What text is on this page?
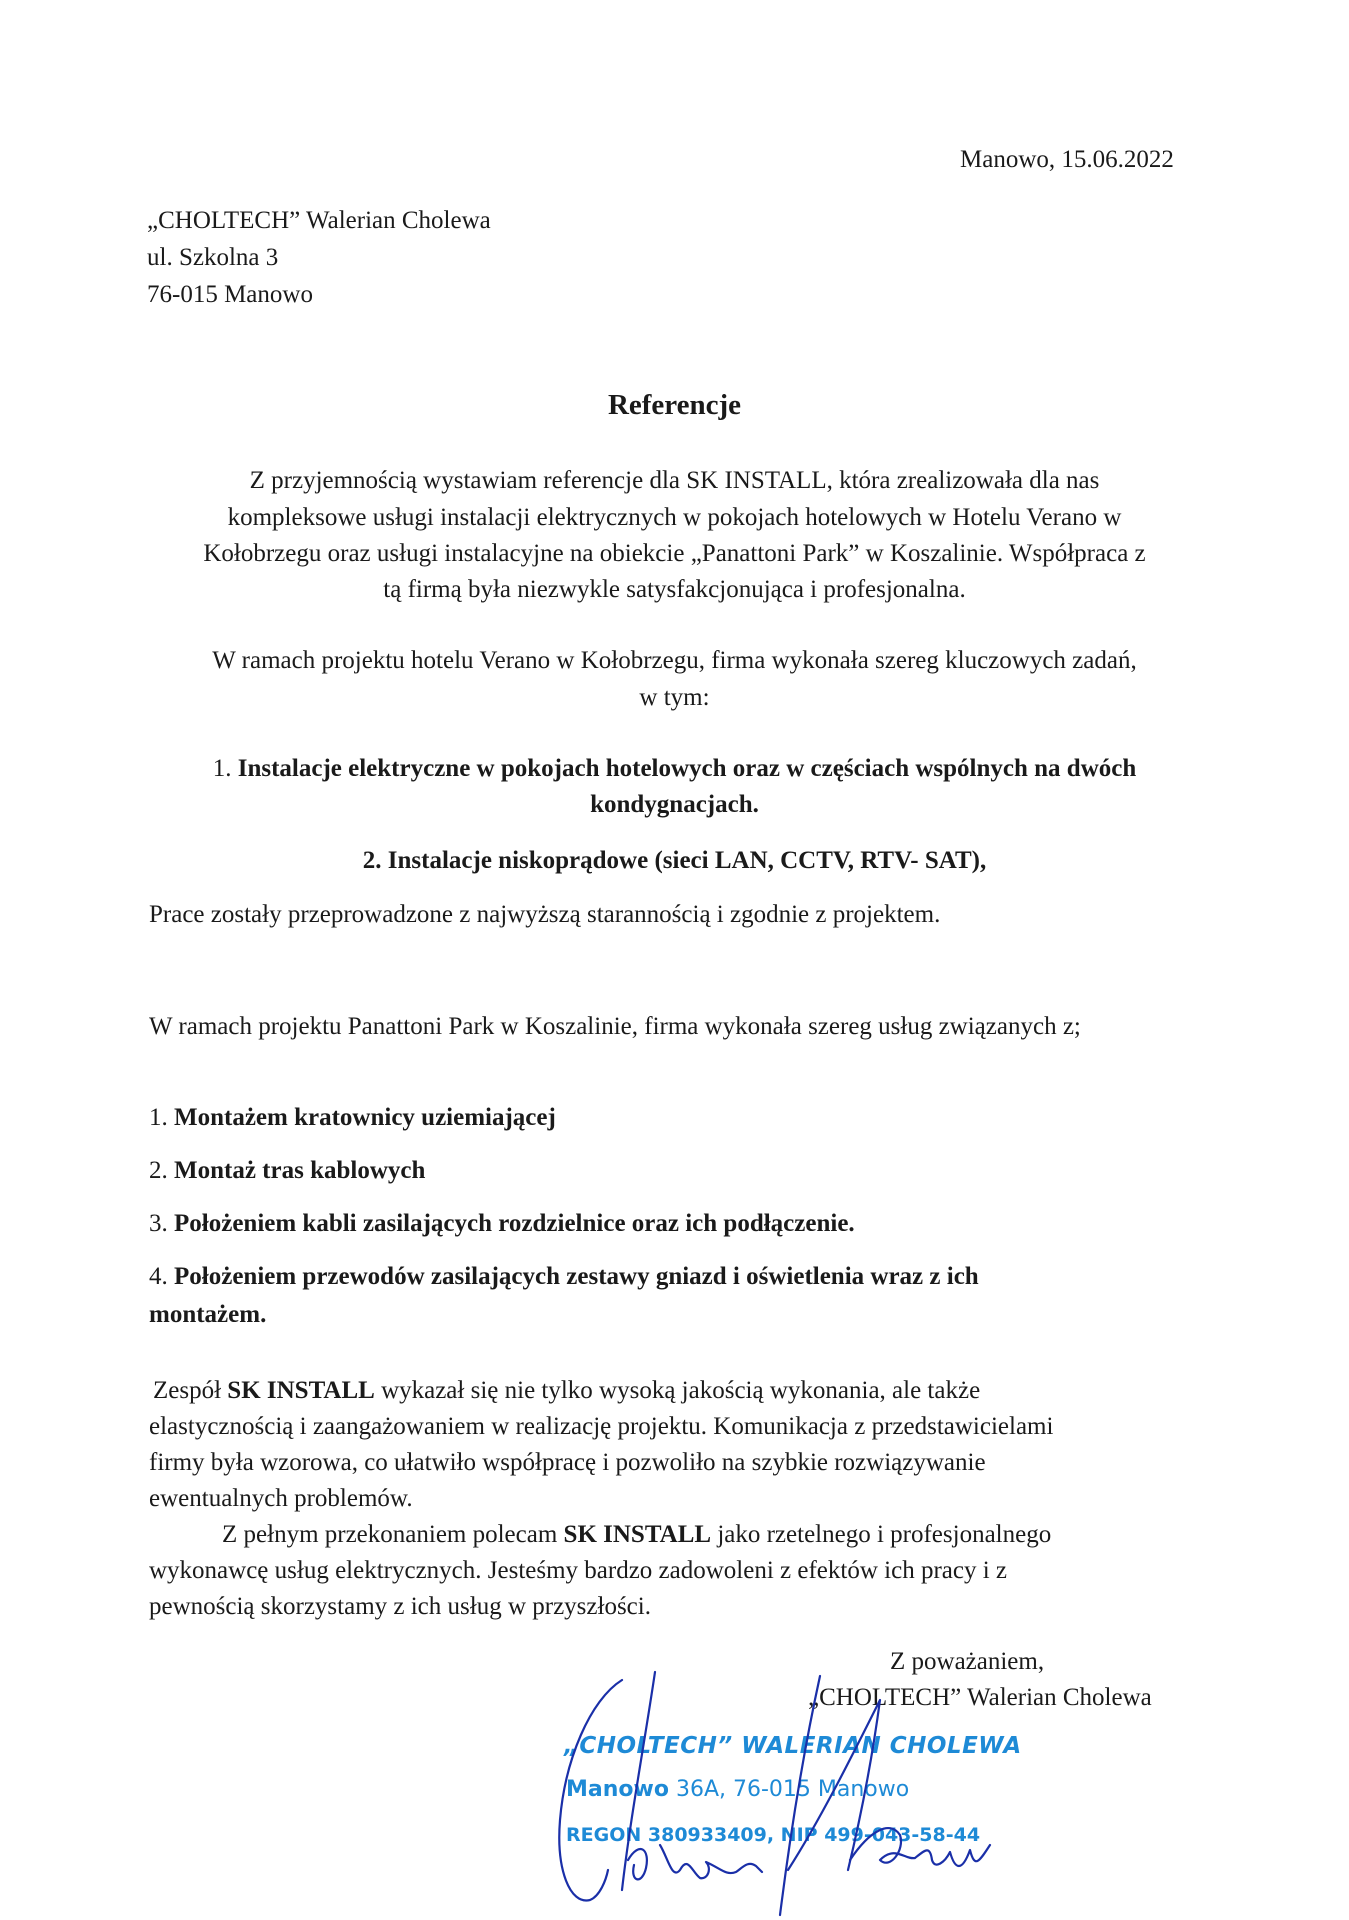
Manowo, 15.06.2022
„CHOLTECH” Walerian Cholewa
ul. Szkolna 3
76-015 Manowo
Referencje
Z przyjemnością wystawiam referencje dla SK INSTALL, która zrealizowała dla nas
kompleksowe usługi instalacji elektrycznych w pokojach hotelowych w Hotelu Verano w
Kołobrzegu oraz usługi instalacyjne na obiekcie „Panattoni Park” w Koszalinie. Współpraca z
tą firmą była niezwykle satysfakcjonująca i profesjonalna.
W ramach projektu hotelu Verano w Kołobrzegu, firma wykonała szereg kluczowych zadań,
w tym:
1. Instalacje elektryczne w pokojach hotelowych oraz w częściach wspólnych na dwóch
kondygnacjach.
2. Instalacje niskoprądowe (sieci LAN, CCTV, RTV- SAT),
Prace zostały przeprowadzone z najwyższą starannością i zgodnie z projektem.
W ramach projektu Panattoni Park w Koszalinie, firma wykonała szereg usług związanych z;
1. Montażem kratownicy uziemiającej
2. Montaż tras kablowych
3. Położeniem kabli zasilających rozdzielnice oraz ich podłączenie.
4. Położeniem przewodów zasilających zestawy gniazd i oświetlenia wraz z ich
montażem.
Zespół SK INSTALL wykazał się nie tylko wysoką jakością wykonania, ale także
elastycznością i zaangażowaniem w realizację projektu. Komunikacja z przedstawicielami
firmy była wzorowa, co ułatwiło współpracę i pozwoliło na szybkie rozwiązywanie
ewentualnych problemów.
Z pełnym przekonaniem polecam SK INSTALL jako rzetelnego i profesjonalnego
wykonawcę usług elektrycznych. Jesteśmy bardzo zadowoleni z efektów ich pracy i z
pewnością skorzystamy z ich usług w przyszłości.
Z poważaniem,
„CHOLTECH” Walerian Cholewa
„CHOLTECH” WALERIAN CHOLEWA
Manowo 36A, 76-015 Manowo
REGON 380933409, NIP 499-043-58-44
